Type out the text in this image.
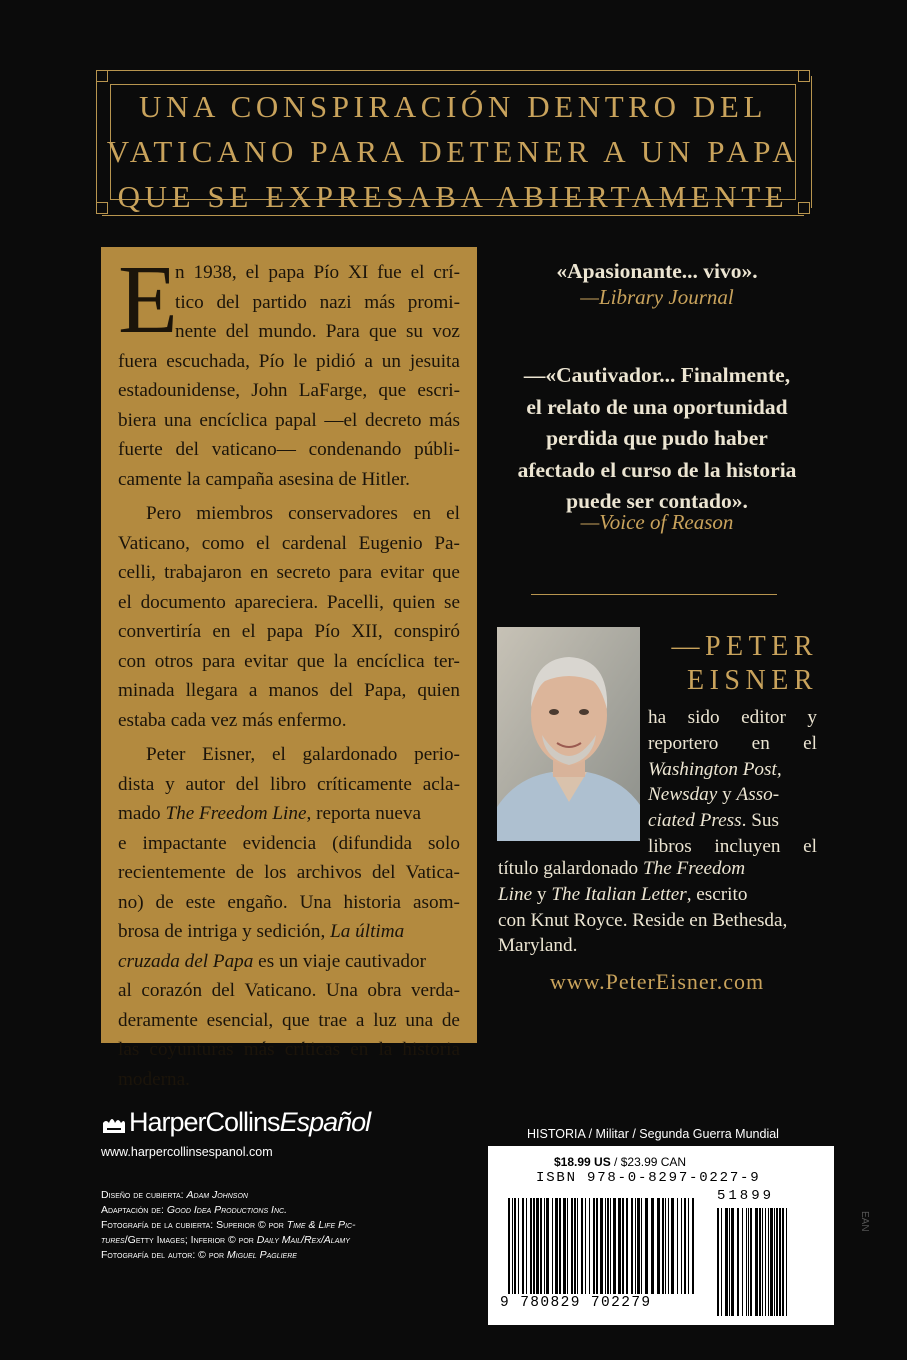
UNA CONSPIRACIÓN DENTRO DEL
VATICANO PARA DETENER A UN PAPA
QUE SE EXPRESABA ABIERTAMENTE
E
n 1938, el papa Pío XI fue el crí-
tico del partido nazi más promi-
nente del mundo. Para que su voz
fuera escuchada, Pío le pidió a un jesuita
estadounidense, John LaFarge, que escri-
biera una encíclica papal —el decreto más
fuerte del vaticano— condenando públi-
camente la campaña asesina de Hitler.
Pero miembros conservadores en el
Vaticano, como el cardenal Eugenio Pa-
celli, trabajaron en secreto para evitar que
el documento apareciera. Pacelli, quien se
convertiría en el papa Pío XII, conspiró
con otros para evitar que la encíclica ter-
minada llegara a manos del Papa, quien
estaba cada vez más enfermo.
Peter Eisner, el galardonado perio-
dista y autor del libro críticamente acla-
mado
The Freedom Line , reporta nueva
e impactante evidencia (difundida solo
recientemente de los archivos del Vatica-
no) de este engaño. Una historia asom-
brosa de intriga y sedición,
La última
cruzada del Papa es un viaje cautivador
al corazón del Vaticano. Una obra verda-
deramente esencial, que trae a luz una de
las coyunturas más críticas en la historia
moderna.
«Apasionante... vivo».
—Library Journal
—«Cautivador... Finalmente,
el relato de una oportunidad
perdida que pudo haber
afectado el curso de la historia
puede ser contado».
—Voice of Reason
—PETER
EISNER
ha sido editor y
reportero en el
Washington Post,
Newsday y Asso-
ciated Press . Sus
libros incluyen el
título galardonado
The Freedom
Line y The Italian Letter , escrito
con Knut Royce. Reside en Bethesda,
Maryland.
www.PeterEisner.com
HarperCollins Español
www.harpercollinsespanol.com
Diseño de cubierta: Adam Johnson
Adaptación de: Good Idea Productions Inc.
Fotografía de la cubierta: Superior © por Time & Life Pic-
tures/Getty Images; Inferior © por Daily Mail/Rex/Alamy
Fotografía del autor: © por Miguel Pagliere
HISTORIA / Militar / Segunda Guerra Mundial
$18.99 US / $23.99 CAN
ISBN 978-0-8297-0227-9
51899
9 780829 702279
EAN
